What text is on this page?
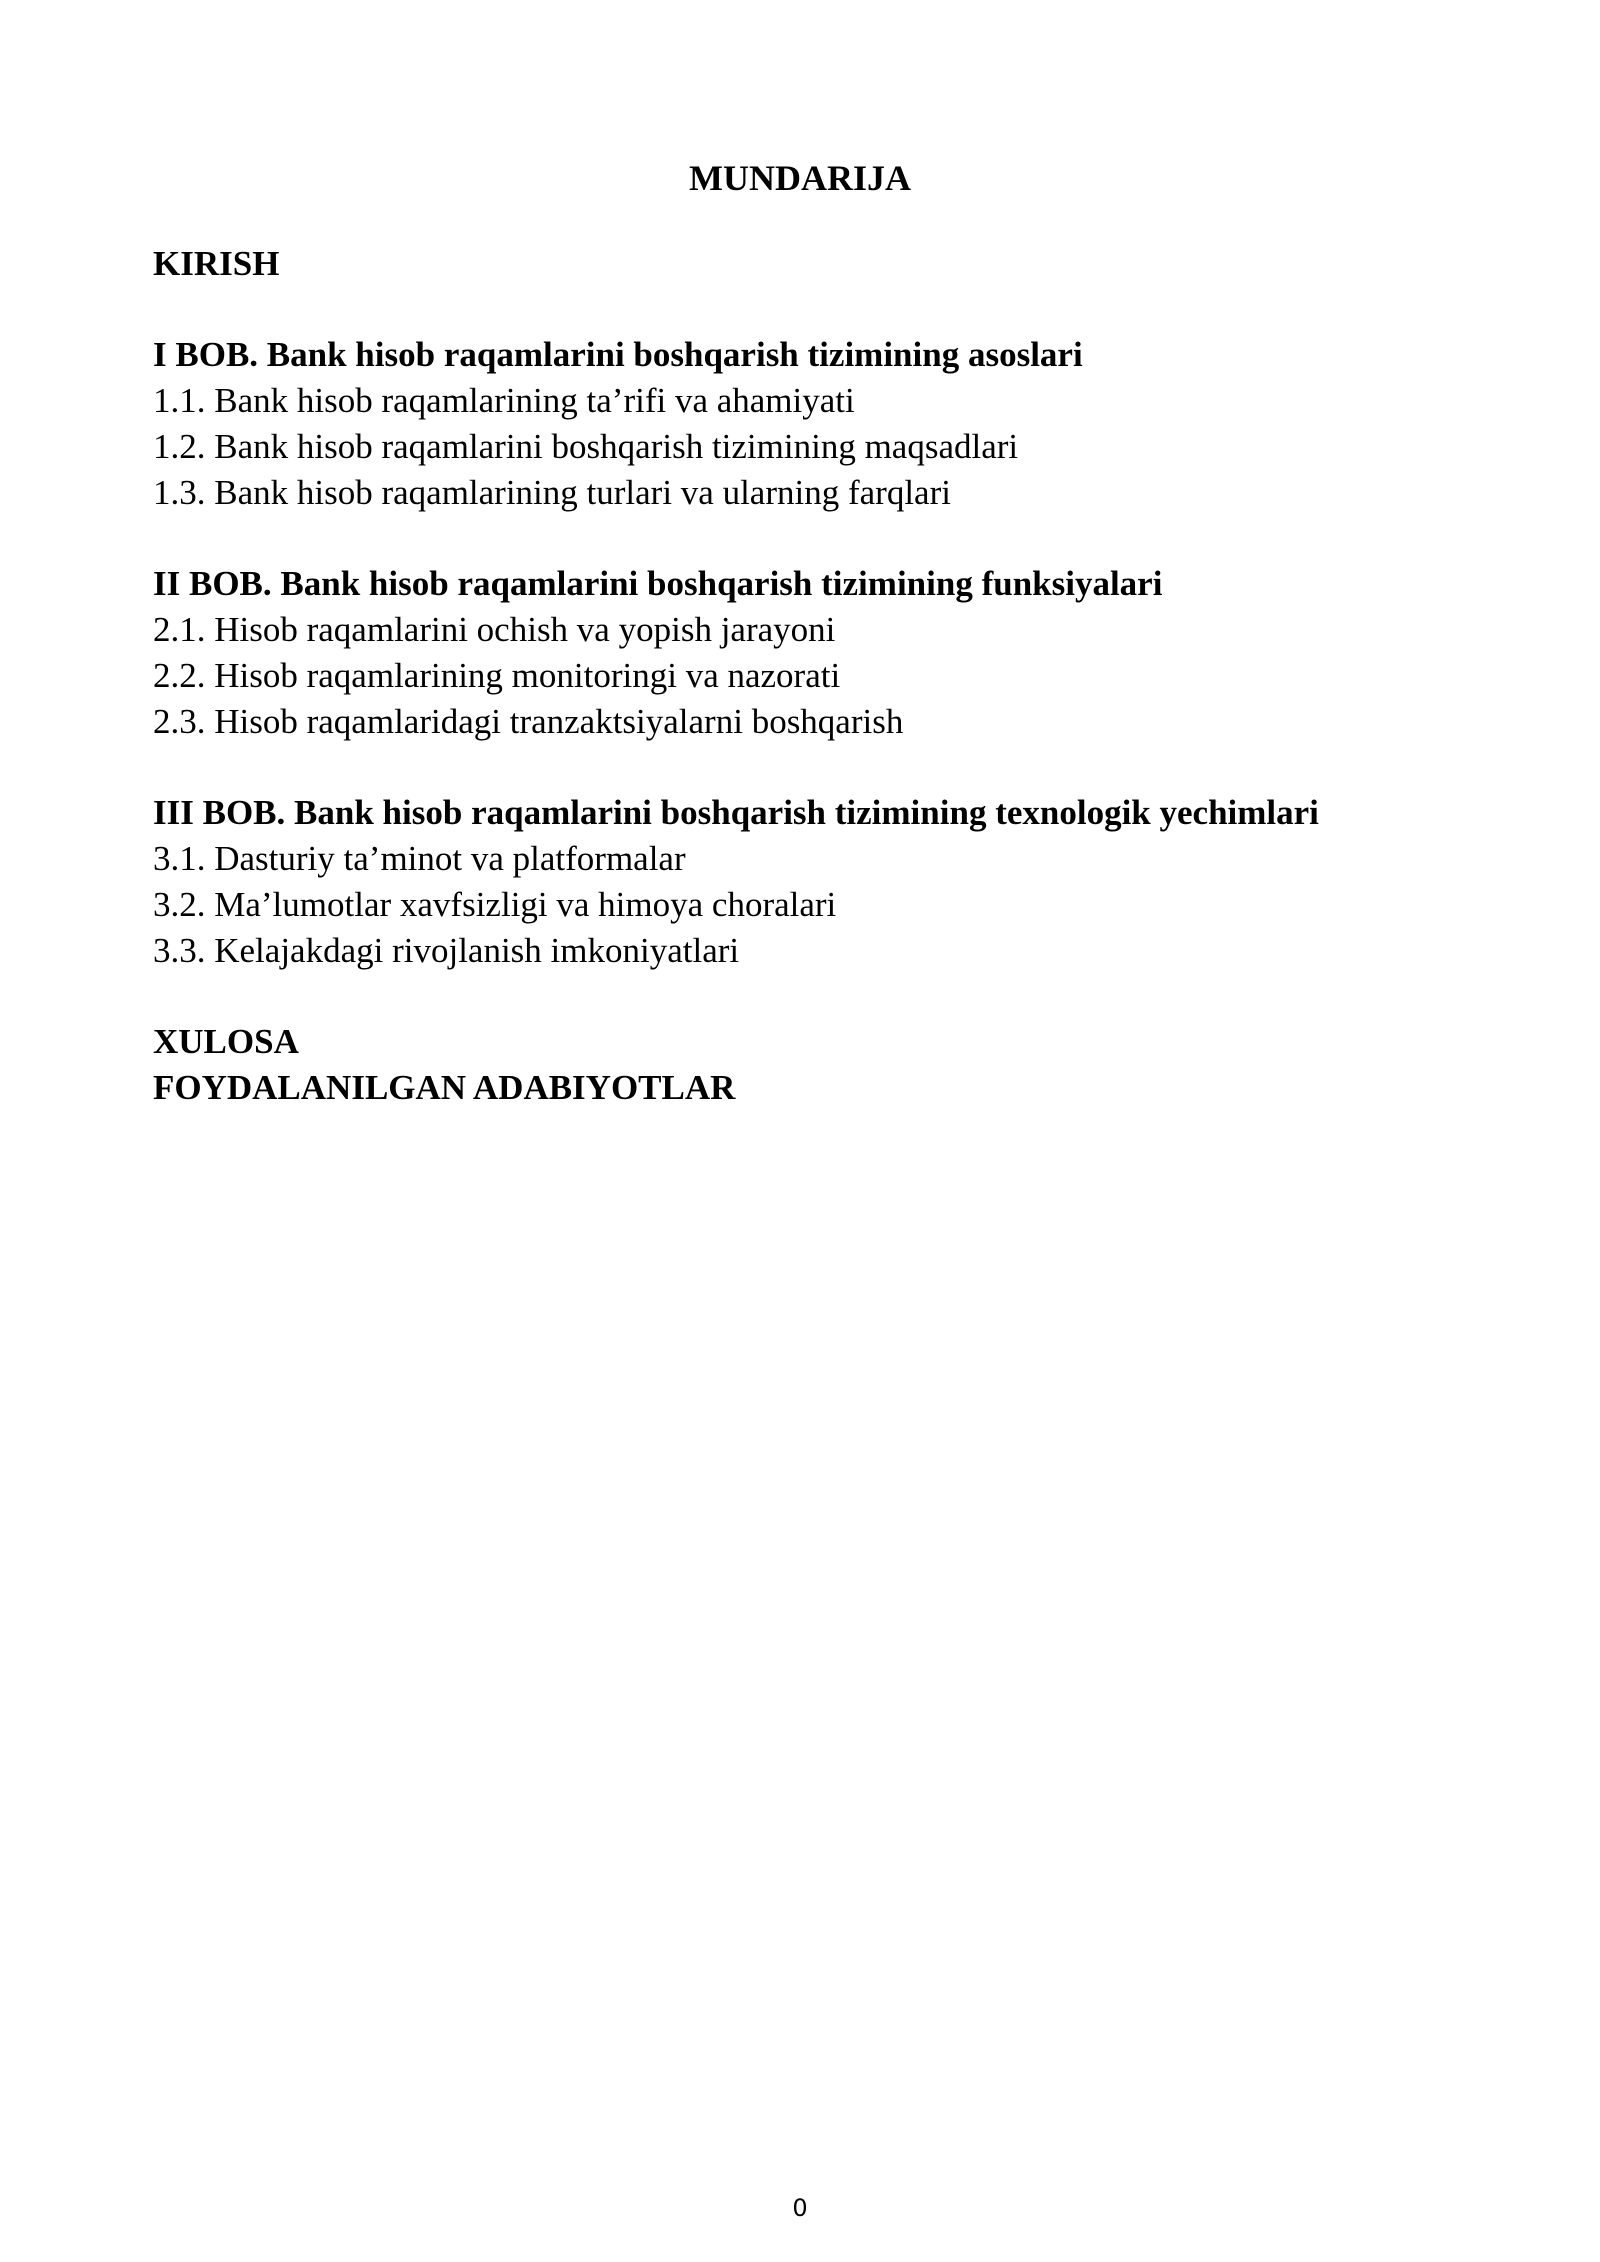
MUNDARIJA
KIRISH
I BOB. Bank hisob raqamlarini boshqarish tizimining asoslari
1.1. Bank hisob raqamlarining ta’rifi va ahamiyati
1.2. Bank hisob raqamlarini boshqarish tizimining maqsadlari
1.3. Bank hisob raqamlarining turlari va ularning farqlari
II BOB. Bank hisob raqamlarini boshqarish tizimining funksiyalari
2.1. Hisob raqamlarini ochish va yopish jarayoni
2.2. Hisob raqamlarining monitoringi va nazorati
2.3. Hisob raqamlaridagi tranzaktsiyalarni boshqarish
III BOB. Bank hisob raqamlarini boshqarish tizimining texnologik yechimlari
3.1. Dasturiy ta’minot va platformalar
3.2. Ma’lumotlar xavfsizligi va himoya choralari
3.3. Kelajakdagi rivojlanish imkoniyatlari
XULOSA
FOYDALANILGAN ADABIYOTLAR
0
